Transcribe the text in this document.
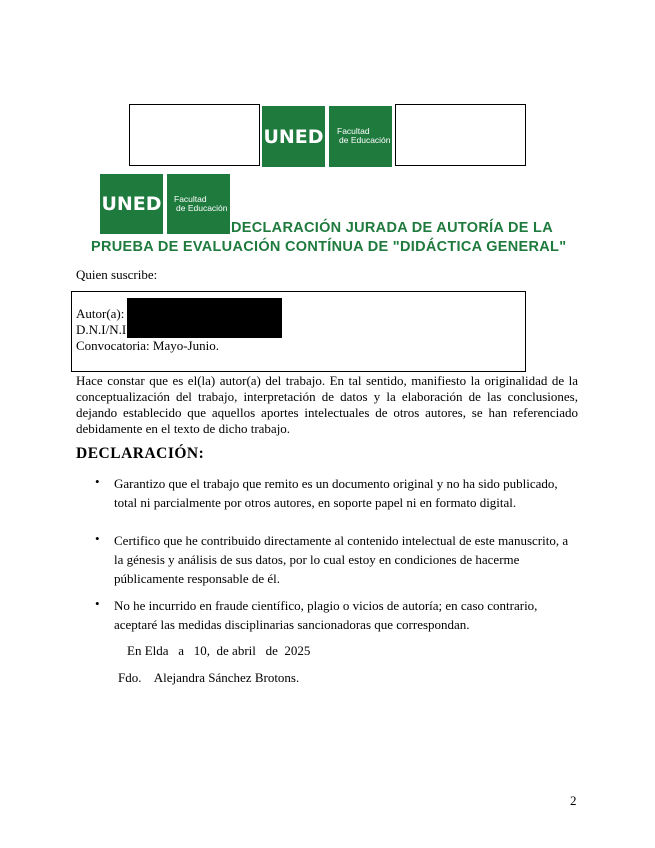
UNED Facultad
de Educación
UNED Facultad
de Educación
DECLARACIÓN JURADA DE AUTORÍA DE LA
PRUEBA DE EVALUACIÓN CONTÍNUA DE "DIDÁCTICA GENERAL"
Quien suscribe:
Autor(a):
D.N.I/N.I
Convocatoria: Mayo-Junio.
Hace constar que es el(la) autor(a) del trabajo. En tal sentido, manifiesto la originalidad de la conceptualización del trabajo, interpretación de datos y la elaboración de las conclusiones, dejando establecido que aquellos aportes intelectuales de otros autores, se han referenciado debidamente en el texto de dicho trabajo.
DECLARACIÓN:
• Garantizo que el trabajo que remito es un documento original y no ha sido publicado, total ni parcialmente por otros autores, en soporte papel ni en formato digital.
• Certifico que he contribuido directamente al contenido intelectual de este manuscrito, a la génesis y análisis de sus datos, por lo cual estoy en condiciones de hacerme públicamente responsable de él.
• No he incurrido en fraude científico, plagio o vicios de autoría; en caso contrario, aceptaré las medidas disciplinarias sancionadoras que correspondan.
En Elda   a   10,  de abril   de  2025
Fdo.    Alejandra Sánchez Brotons.
2
